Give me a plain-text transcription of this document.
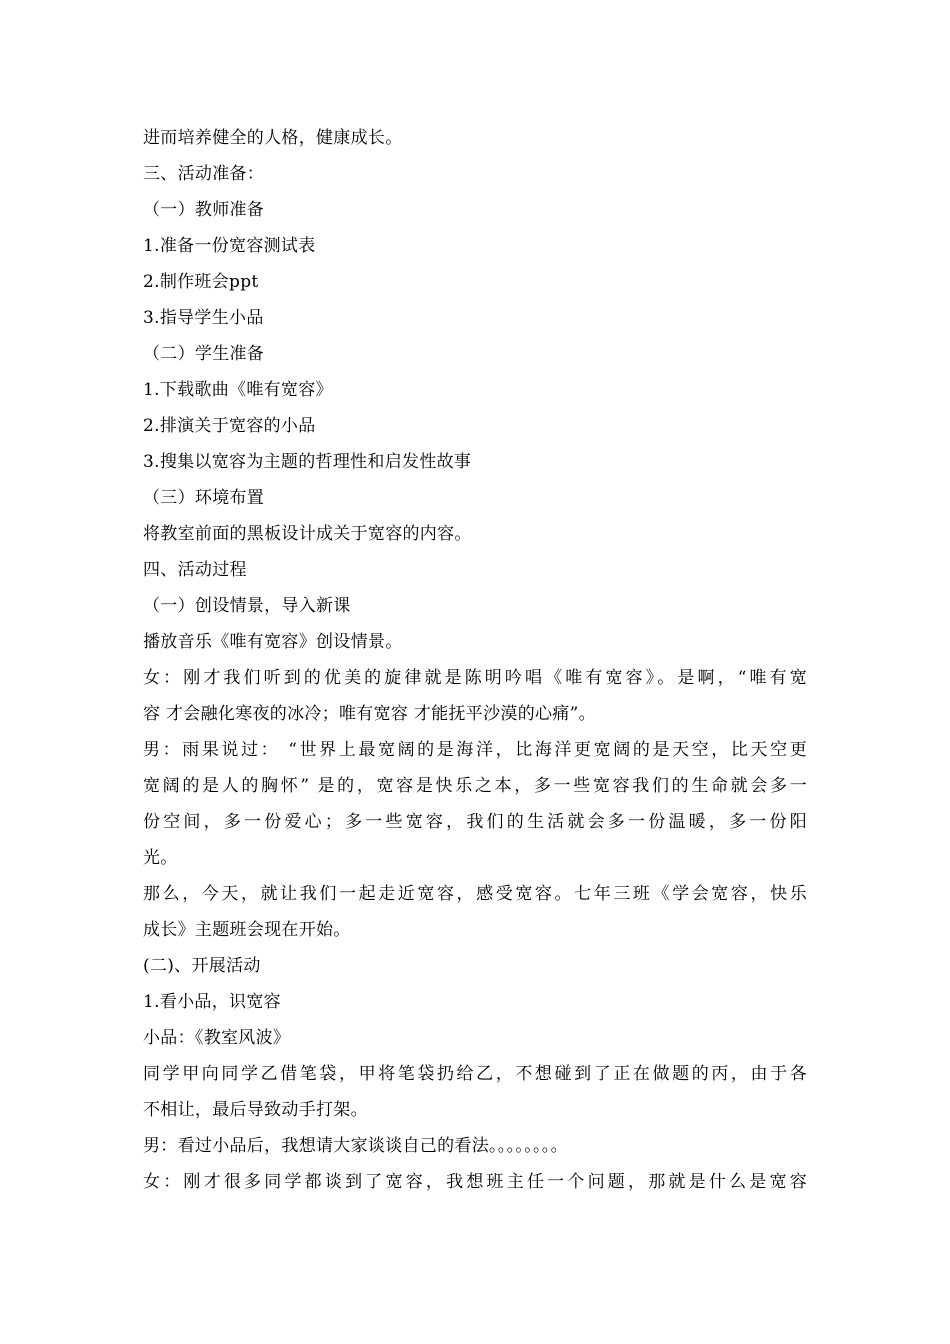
进而培养健全的人格，健康成长。
三、活动准备：
（一）教师准备
1.准备一份宽容测试表
2.制作班会ppt
3.指导学生小品
（二）学生准备
1.下载歌曲《唯有宽容》
2.排演关于宽容的小品
3.搜集以宽容为主题的哲理性和启发性故事
（三）环境布置
将教室前面的黑板设计成关于宽容的内容。
四、活动过程
（一）创设情景，导入新课
播放音乐《唯有宽容》创设情景。
女：刚才我们听到的优美的旋律就是陈明吟唱《唯有宽容》。是啊，“唯有宽
容 才会融化寒夜的冰冷；唯有宽容 才能抚平沙漠的心痛”。
男：雨果说过： “世界上最宽阔的是海洋，比海洋更宽阔的是天空，比天空更
宽阔的是人的胸怀” 是的，宽容是快乐之本，多一些宽容我们的生命就会多一
份空间，多一份爱心；多一些宽容，我们的生活就会多一份温暖，多一份阳
光。
那么，今天，就让我们一起走近宽容，感受宽容。七年三班《学会宽容，快乐
成长》主题班会现在开始。
(二)、开展活动
1.看小品，识宽容
小品：《教室风波》
同学甲向同学乙借笔袋，甲将笔袋扔给乙，不想碰到了正在做题的丙，由于各
不相让，最后导致动手打架。
男：看过小品后，我想请大家谈谈自己的看法。。。。。。。。
女：刚才很多同学都谈到了宽容，我想班主任一个问题，那就是什么是宽容
